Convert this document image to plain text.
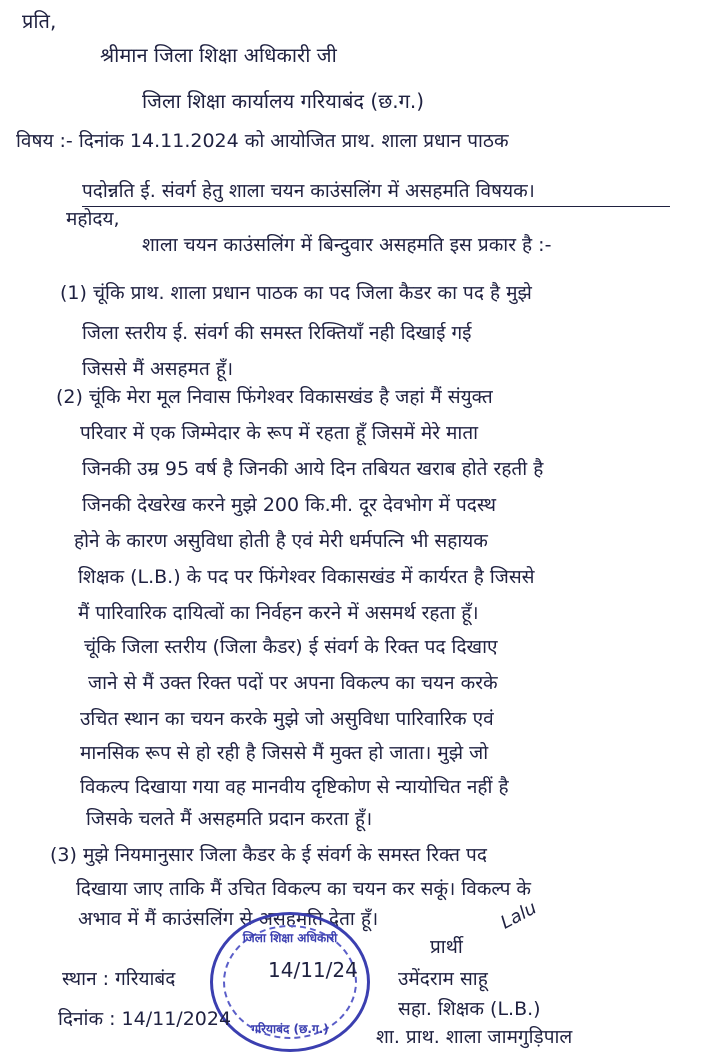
प्रति,
श्रीमान जिला शिक्षा अधिकारी जी
जिला शिक्षा कार्यालय गरियाबंद (छ.ग.)
विषय :- दिनांक 14.11.2024 को आयोजित प्राथ. शाला प्रधान पाठक
पदोन्नति ई. संवर्ग हेतु शाला चयन काउंसलिंग में असहमति विषयक।
महोदय,
शाला चयन काउंसलिंग में बिन्दुवार असहमति इस प्रकार है :-
(1) चूंकि प्राथ. शाला प्रधान पाठक का पद जिला कैडर का पद है मुझे
जिला स्तरीय ई. संवर्ग की समस्त रिक्तियाँ नही दिखाई गई
जिससे मैं असहमत हूँ।
(2) चूंकि मेरा मूल निवास फिंगेश्वर विकासखंड है जहां मैं संयुक्त
परिवार में एक जिम्मेदार के रूप में रहता हूँ जिसमें मेरे माता
जिनकी उम्र 95 वर्ष है जिनकी आये दिन तबियत खराब होते रहती है
जिनकी देखरेख करने मुझे 200 कि.मी. दूर देवभोग में पदस्थ
होने के कारण असुविधा होती है एवं मेरी धर्मपत्नि भी सहायक
शिक्षक (L.B.) के पद पर फिंगेश्वर विकासखंड में कार्यरत है जिससे
मैं पारिवारिक दायित्वों का निर्वहन करने में असमर्थ रहता हूँ।
चूंकि जिला स्तरीय (जिला कैडर) ई संवर्ग के रिक्त पद दिखाए
जाने से मैं उक्त रिक्त पदों पर अपना विकल्प का चयन करके
उचित स्थान का चयन करके मुझे जो असुविधा पारिवारिक एवं
मानसिक रूप से हो रही है जिससे मैं मुक्त हो जाता। मुझे जो
विकल्प दिखाया गया वह मानवीय दृष्टिकोण से न्यायोचित नहीं है
जिसके चलते मैं असहमति प्रदान करता हूँ।
(3) मुझे नियमानुसार जिला कैडर के ई संवर्ग के समस्त रिक्त पद
दिखाया जाए ताकि मैं उचित विकल्प का चयन कर सकूं। विकल्प के
अभाव में मैं काउंसलिंग से असहमति देता हूँ।	Lalu
जिला शिक्षा अधिकारी
गरियाबंद (छ.ग.)
14/11/24
प्रार्थी
उमेंदराम साहू
सहा. शिक्षक (L.B.)
शा. प्राथ. शाला जामगुड़िपाल
स्थान : गरियाबंद
दिनांक : 14/11/2024
